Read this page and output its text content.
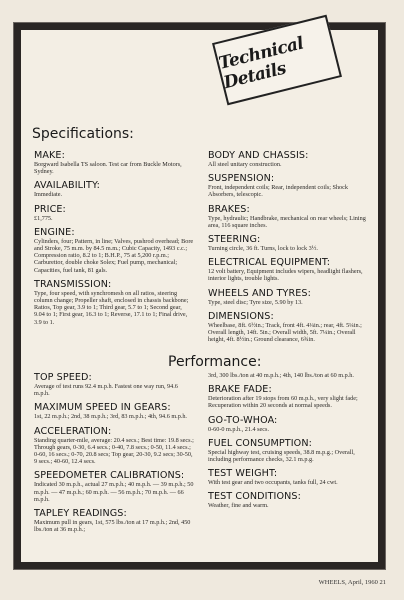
Technical Details
Specifications:
MAKE:
Borgward Isabella TS saloon. Test car from Buckle Motors, Sydney.
AVAILABILITY:
Immediate.
PRICE:
£1,775.
ENGINE:
Cylinders, four; Pattern, in line; Valves, pushrod overhead; Bore and Stroke, 75 m.m. by 84.5 m.m.; Cubic Capacity, 1493 c.c.; Compression ratio, 8.2 to 1; B.H.P., 75 at 5,200 r.p.m.; Carburettor, double choke Solex; Fuel pump, mechanical; Capacities, fuel tank, 81 gals.
TRANSMISSION:
Type, four speed, with synchromesh on all ratios, steering column change; Propeller shaft, enclosed in chassis backbone; Ratios, Top gear, 3.9 to 1; Third gear, 5.7 to 1; Second gear, 9.04 to 1; First gear, 16.3 to 1; Reverse, 17.1 to 1; Final drive, 3.9 to 1.
BODY AND CHASSIS:
All steel unitary construction.
SUSPENSION:
Front, independent coils; Rear, independent coils; Shock Absorbers, telescopic.
BRAKES:
Type, hydraulic; Handbrake, mechanical on rear wheels; Lining area, 116 square inches.
STEERING:
Turning circle, 36 ft. Turns, lock to lock 3½.
ELECTRICAL EQUIPMENT:
12 volt battery, Equipment includes wipers, headlight flashers, interior lights, trouble lights.
WHEELS AND TYRES:
Type, steel disc; Tyre size, 5.90 by 13.
DIMENSIONS:
Wheelbase, 8ft. 6½in.; Track, front 4ft. 4¼in.; rear, 4ft. 5¼in.; Overall length, 14ft. 5in.; Overall width, 5ft. 7¼in.; Overall height, 4ft. 8½in.; Ground clearance, 6¾in.
Performance:
TOP SPEED:
Average of test runs 92.4 m.p.h. Fastest one way run, 94.6 m.p.h.
MAXIMUM SPEED IN GEARS:
1st, 22 m.p.h.; 2nd, 38 m.p.h.; 3rd, 83 m.p.h.; 4th, 94.6 m.p.h.
ACCELERATION:
Standing quarter-mile, average: 20.4 secs.; Best time: 19.8 secs.; Through gears, 0-30, 6.4 secs.; 0-40, 7.8 secs.; 0-50, 11.4 secs.; 0-60, 16 secs.; 0-70, 20.8 secs; Top gear, 20-30, 9.2 secs; 30-50, 9 secs.; 40-60, 12.4 secs.
SPEEDOMETER CALIBRATIONS:
Indicated 30 m.p.h., actual 27 m.p.h.; 40 m.p.h. — 39 m.p.h.; 50 m.p.h. — 47 m.p.h.; 60 m.p.h. — 56 m.p.h.; 70 m.p.h. — 66 m.p.h.
TAPLEY READINGS:
Maximum pull in gears, 1st, 575 lbs./ton at 17 m.p.h.; 2nd, 450 lbs./ton at 36 m.p.h.;
3rd, 300 lbs./ton at 40 m.p.h.; 4th, 140 lbs./ton at 60 m.p.h.
BRAKE FADE:
Deterioration after 19 stops from 60 m.p.h., very slight fade; Recuperation within 20 seconds at normal speeds.
GO-TO-WHOA:
0-60-0 m.p.h., 21.4 secs.
FUEL CONSUMPTION:
Special highway test, cruising speeds, 38.8 m.p.g.; Overall, including performance checks, 32.1 m.p.g.
TEST WEIGHT:
With test gear and two occupants, tanks full, 24 cwt.
TEST CONDITIONS:
Weather, fine and warm.
WHEELS, April, 1960 21
